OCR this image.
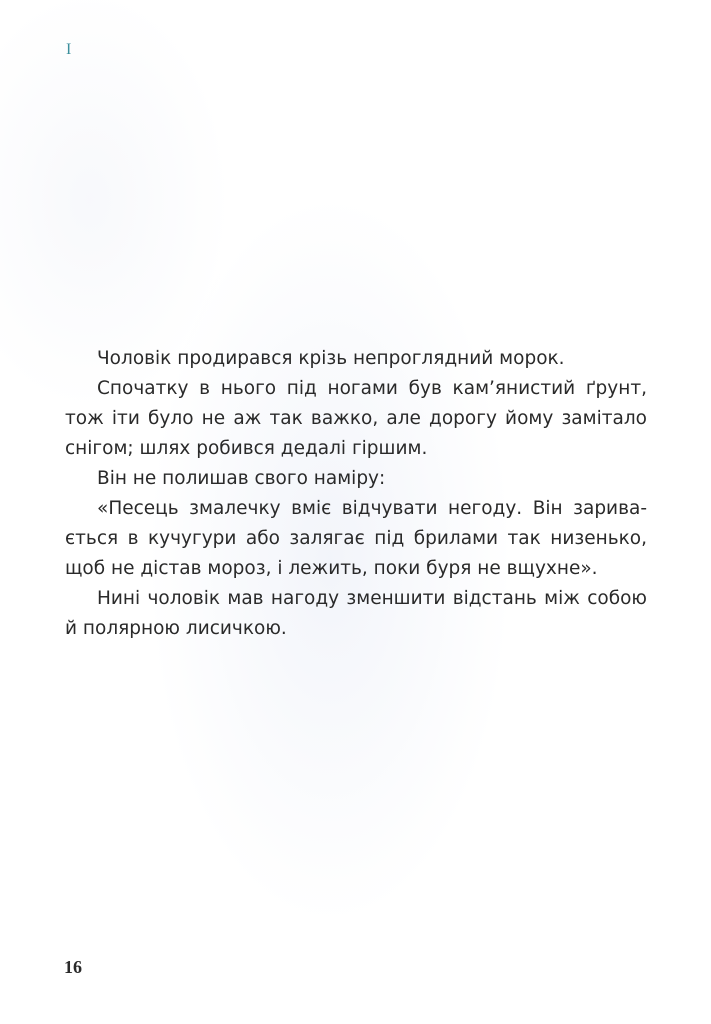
I
Чоловік продирався крізь непроглядний морок.
Спочатку в нього під ногами був кам’янистий ґрунт,
тож іти було не аж так важко, але дорогу йому замітало
снігом; шлях робився дедалі гіршим.
Він не полишав свого наміру:
«Песець змалечку вміє відчувати негоду. Він зарива-
ється в кучугури або залягає під брилами так низенько,
щоб не дістав мороз, і лежить, поки буря не вщухне».
Нині чоловік мав нагоду зменшити відстань між собою
й полярною лисичкою.
16
